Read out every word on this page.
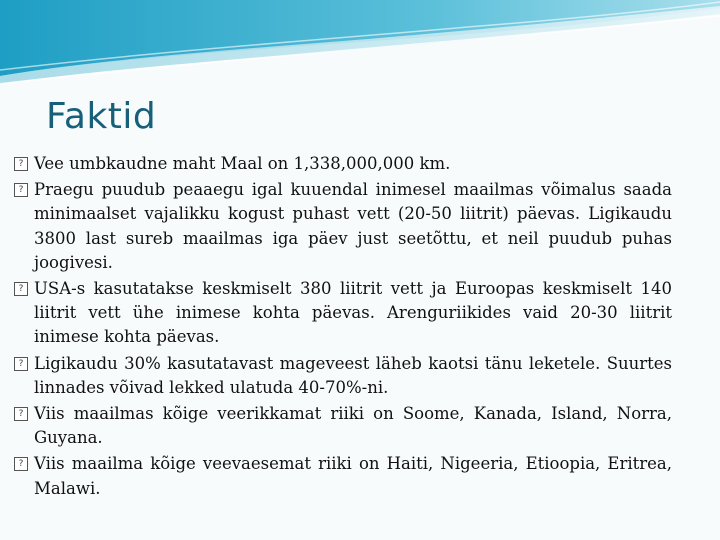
Faktid
? Vee umbkaudne maht Maal on 1,338,000,000 km.
? Praegu puudub peaaegu igal kuuendal inimesel maailmas võimalus saada minimaalset vajalikku kogust puhast vett (20-50 liitrit) päevas. Ligikaudu 3800 last sureb maailmas iga päev just seetõttu, et neil puudub puhas joogivesi.
? USA-s kasutatakse keskmiselt 380 liitrit vett ja Euroopas keskmiselt 140 liitrit vett ühe inimese kohta päevas. Arenguriikides vaid 20-30 liitrit inimese kohta päevas.
? Ligikaudu 30% kasutatavast mageveest läheb kaotsi tänu leketele. Suurtes linnades võivad lekked ulatuda 40-70%-ni.
? Viis maailmas kõige veerikkamat riiki on Soome, Kanada, Island, Norra, Guyana.
? Viis maailma kõige veevaesemat riiki on Haiti, Nigeeria, Etioopia, Eritrea, Malawi.
